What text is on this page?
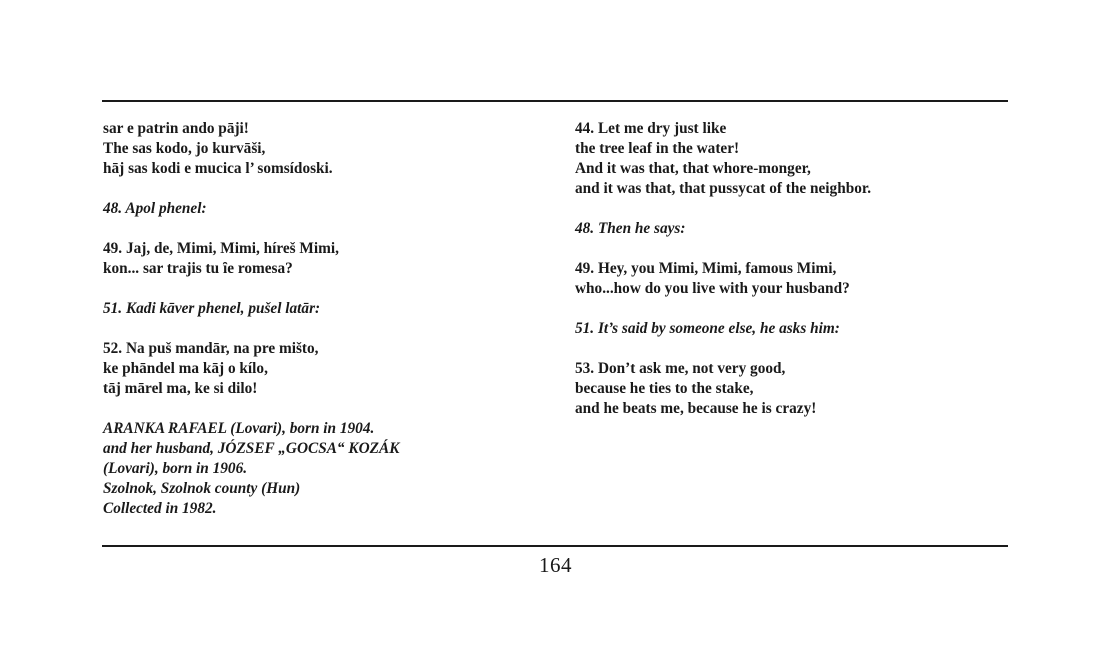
sar e patrin ando pāji!
The sas kodo, jo kurvāši,
hāj sas kodi e mucica l’ somsídoski.
48. Apol phenel:
49. Jaj, de, Mimi, Mimi, híreš Mimi,
kon... sar trajis tu ȋe romesa?
51. Kadi kāver phenel, pušel latār:
52. Na puš mandār, na pre mišto,
ke phāndel ma kāj o kílo,
tāj mārel ma, ke si dilo!
ARANKA RAFAEL (Lovari), born in 1904.
and her husband, JÓZSEF „GOCSA“ KOZÁK
(Lovari), born in 1906.
Szolnok, Szolnok county (Hun)
Collected in 1982.
44. Let me dry just like
the tree leaf in the water!
And it was that, that whore-monger,
and it was that, that pussycat of the neighbor.
48. Then he says:
49. Hey, you Mimi, Mimi, famous Mimi,
who...how do you live with your husband?
51. It’s said by someone else, he asks him:
53. Don’t ask me, not very good,
because he ties to the stake,
and he beats me, because he is crazy!
164
